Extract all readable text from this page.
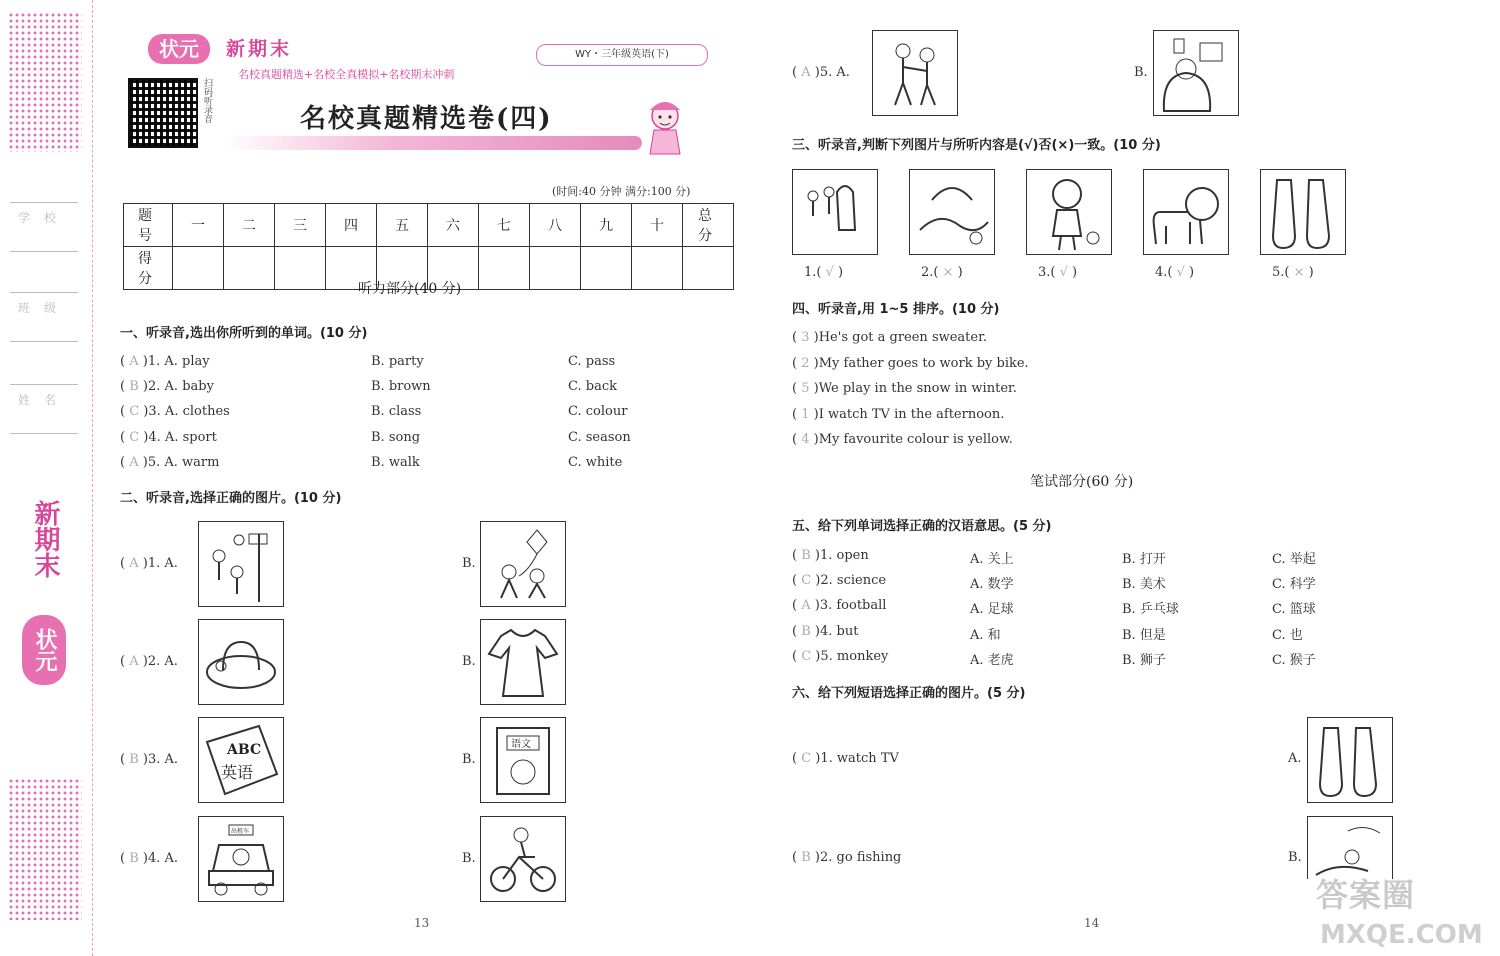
学校
班级
姓名
新期末
状元
状元	新期末
名校真题精选+名校全真模拟+名校期末冲刺
WY・三年级英语(下)
扫码听录音	名校真题精选卷(四)
(时间:40 分钟 满分:100 分)
题 号	一	二	三	四	五	六	七	八	九	十	总 分
得 分											
听力部分(40 分)
一、听录音,选出你所听到的单词。(10 分)
( A )1. A. play	B. party	C. pass
( B )2. A. baby	B. brown	C. back
( C )3. A. clothes	B. class	C. colour
( C )4. A. sport	B. song	C. season
( A )5. A. warm	B. walk	C. white
二、听录音,选择正确的图片。(10 分)
( A )1. A.	B.
( A )2. A.	B.
( B )3. A.
ABC
英语
B.
语文
( B )4. A.
出租车
B.
13
( A )5. A.	B.
三、听录音,判断下列图片与所听内容是(√)否(×)一致。(10 分)
1.( √ )	2.( × )	3.( √ )	4.( √ )	5.( × )
四、听录音,用 1~5 排序。(10 分)
( 3 )He's got a green sweater.
( 2 )My father goes to work by bike.
( 5 )We play in the snow in winter.
( 1 )I watch TV in the afternoon.
( 4 )My favourite colour is yellow.
笔试部分(60 分)
五、给下列单词选择正确的汉语意思。(5 分)
( B )1. open	A. 关上	B. 打开	C. 举起
( C )2. science	A. 数学	B. 美术	C. 科学
( A )3. football	A. 足球	B. 乒乓球	C. 篮球
( B )4. but	A. 和	B. 但是	C. 也
( C )5. monkey	A. 老虎	B. 狮子	C. 猴子
六、给下列短语选择正确的图片。(5 分)
( C )1. watch TV	A.
( B )2. go fishing	B.
14
答案圈
MXQE.COM
